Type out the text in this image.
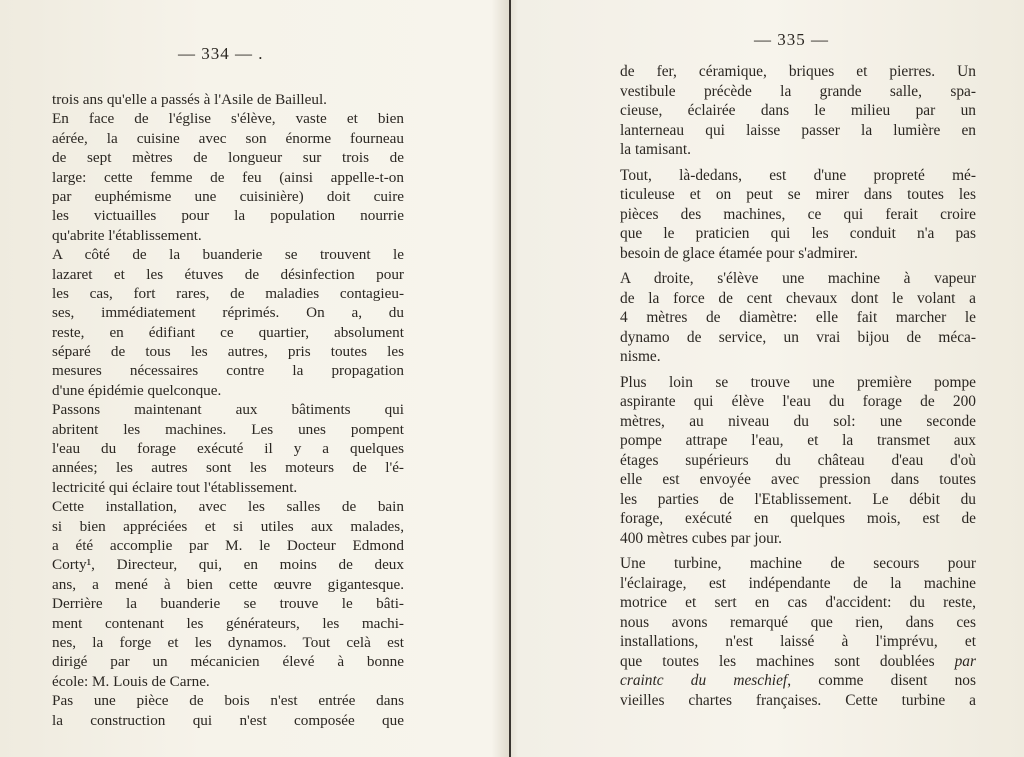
— 334 — .
trois ans qu'elle a passés à l'Asile de Bailleul.
En face de l'église s'élève, vaste et bien
aérée, la cuisine avec son énorme fourneau
de sept mètres de longueur sur trois de
large: cette femme de feu (ainsi appelle-t-on
par euphémisme une cuisinière) doit cuire
les victuailles pour la population nourrie
qu'abrite l'établissement.
A côté de la buanderie se trouvent le
lazaret et les étuves de désinfection pour
les cas, fort rares, de maladies contagieu-
ses, immédiatement réprimés. On a, du
reste, en édifiant ce quartier, absolument
séparé de tous les autres, pris toutes les
mesures nécessaires contre la propagation
d'une épidémie quelconque.
Passons maintenant aux bâtiments qui
abritent les machines. Les unes pompent
l'eau du forage exécuté il y a quelques
années; les autres sont les moteurs de l'é-
lectricité qui éclaire tout l'établissement.
Cette installation, avec les salles de bain
si bien appréciées et si utiles aux malades,
a été accomplie par M. le Docteur Edmond
Corty¹, Directeur, qui, en moins de deux
ans, a mené à bien cette œuvre gigantesque.
Derrière la buanderie se trouve le bâti-
ment contenant les générateurs, les machi-
nes, la forge et les dynamos. Tout celà est
dirigé par un mécanicien élevé à bonne
école: M. Louis de Carne.
Pas une pièce de bois n'est entrée dans
la construction qui n'est composée que
— 335 —
de fer, céramique, briques et pierres. Un
vestibule précède la grande salle, spa-
cieuse, éclairée dans le milieu par un
lanterneau qui laisse passer la lumière en
la tamisant.
Tout, là-dedans, est d'une propreté mé-
ticuleuse et on peut se mirer dans toutes les
pièces des machines, ce qui ferait croire
que le praticien qui les conduit n'a pas
besoin de glace étamée pour s'admirer.
A droite, s'élève une machine à vapeur
de la force de cent chevaux dont le volant a
4 mètres de diamètre: elle fait marcher le
dynamo de service, un vrai bijou de méca-
nisme.
Plus loin se trouve une première pompe
aspirante qui élève l'eau du forage de 200
mètres, au niveau du sol: une seconde
pompe attrape l'eau, et la transmet aux
étages supérieurs du château d'eau d'où
elle est envoyée avec pression dans toutes
les parties de l'Etablissement. Le débit du
forage, exécuté en quelques mois, est de
400 mètres cubes par jour.
Une turbine, machine de secours pour
l'éclairage, est indépendante de la machine
motrice et sert en cas d'accident: du reste,
nous avons remarqué que rien, dans ces
installations, n'est laissé à l'imprévu, et
que toutes les machines sont doublées par
craintc du meschief, comme disent nos
vieilles chartes françaises. Cette turbine a
